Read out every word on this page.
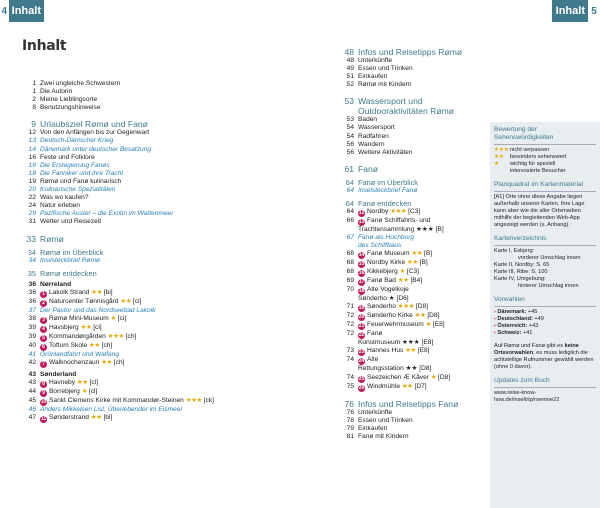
4 Inhalt	Inhalt 5
Inhalt
1 Zwei ungleiche Schwestern
1 Die Autorin
2 Meine Lieblingsorte
8 Benutzungshinweise
9 Urlaubsziel Rømø und Fanø
12 Von den Anfängen bis zur Gegenwart
13 Deutsch-Dänischer Krieg
14 Dänemark unter deutscher Besatzung
16 Feste und Folklore
16 Die Erstegierung Fanøs
18 Die Fanniker und ihre Tracht
19 Rømø und Fanø kulinarisch
20 Kulinarische Spezialitäten
22 Was wo kaufen?
24 Natur erleben
29 Pazifische Auster – die Exotin im Wattenmeer
31 Wetter und Reisezeit
33 Rømø
34 Rømø im Überblick
34 Insilsteckbrief Rømø
35 Rømø entdecken
36 Nørreland
36	1 Lakolk Strand ★★ [bi]
36	2 Naturcenter Tønnisgård ★★ [ci]
37 Der Pastor und das Nordseebad Lakolk
38	3 Rømø Mini-Museum ★ [ci]
39	4 Havsbjerg ★★ [ci]
39	5 Kommandørgården ★★★ [ch]
40	6 Toftum Skole ★★ [ch]
41 Grönlandfahrt und Walfang
42	7 Walknochenzaun ★★ [ch]
43 Sønderland
43	8 Havneby ★★ [cl]
44	9 Borrebjerg ★ [cl]
45 10 Sankt Clemens Kirke mit Kommandør-Steinen ★★★ [ck]
46 Anders Mikkelsen List, Überlebender im Eismeer
47 11 Sønderstrand ★★ [bl]
48 Infos und Reisetipps Rømø
48 Unterkünfte
49 Essen und Trinken
51 Einkaufen
52 Rømø mit Kindern
53 Wassersport und
Outdooraktivitäten Rømø
53 Baden
54 Wassersport
54 Radfahren
56 Wandern
56 Weitere Aktivitäten
61 Fanø
64 Fanø im Überblick
64 Inselsteckbrief Fanø
64 Fanø entdecken
64 12 Nordby ★★★ [C3]
66 13 Fanø Schiffahrts- und
Trachtensammlung ★★★ [B]
67 Fanø als Hochburg
des Schiffbaus
68 14 Fanø Museum ★★ [B]
68 15 Nordby Kirke ★★ [B]
68 16 Kikkebjerg ★ [C3]
69 17 Fanø Bad ★★ [B4]
70 18 Alte Vogelkoje
Sønderho ★ [D6]
71 19 Sønderho ★★★ [D8]
72 20 Sønderho Kirke ★★ [D8]
72 21 Feuerwehrmuseum ★ [E8]
72 22 Fanø
Kunstmuseum ★★★ [E8]
73 23 Hannes Hus ★★ [E8]
74 24 Alte
Rettungsstation ★★ [D8]
74 25 Seezeichen Æ Kåver ★ [D8]
75 26 Windmühle ★★ [D7]
76 Infos und Reisetipps Fanø
76 Unterkünfte
78 Essen und Trinken
79 Einkaufen
81 Fanø mit Kindern
Bewertung der Sehenswürdigkeiten
★★★ nicht verpassen
★★	besonders sehenswert
★	wichtig für speziell
interessierte Besucher
Planquadrat im Kartenmaterial

[A1] Orte ohne diese Angabe liegen außerhalb unserer Karten. Ihre Lage kann aber wie die aller Ortsmarken mithilfe der begleitenden Web-App angezeigt werden (s. Anhang).

Kartenverzeichnis
Karte I, Esbjerg:
vorderer Umschlag innen
Karte II, Nordby: S. 65
Karte III, Ribe: S. 100
Karte IV, Umgebung:
hinterer Umschlag innen
Vorwahlen
› Dänemark: +45
› Deutschland: +49
› Österreich: +43
› Schweiz: +41

Auf Rømø und Fanø gibt es keine Ortsvorwahlen, es muss lediglich die achtstellige Rufnummer gewählt werden (ohne 0 davor).

Updates zum Buch

www.reise-know-how.de/inseltrip/roemoe22
